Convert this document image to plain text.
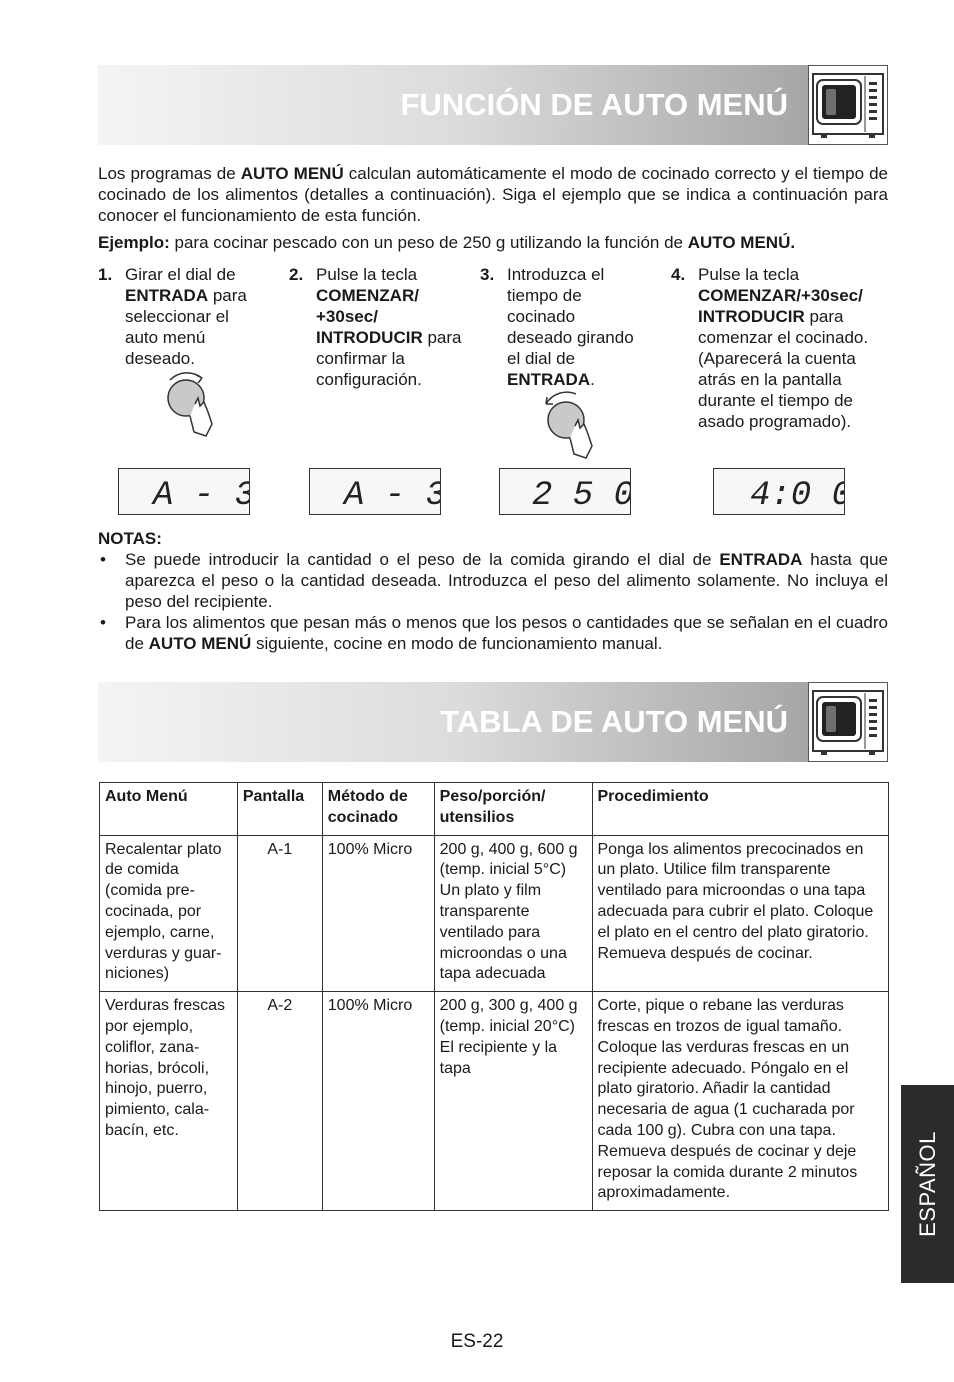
FUNCIÓN DE AUTO MENÚ

Los programas de AUTO MENÚ calculan automáticamente el modo de cocinado correcto y el tiempo de cocinado de los alimentos (detalles a continuación). Siga el ejemplo que se indica a continuación para conocer el funcionamiento de esta función.

Ejemplo: para cocinar pescado con un peso de 250 g utilizando la función de AUTO MENÚ.

1. Girar el dial de ENTRADA para seleccionar el auto menú deseado.
2. Pulse la tecla COMENZAR/ +30sec/ INTRODUCIR para confirmar la configuración.
3. Introduzca el tiempo de cocinado deseado girando el dial de ENTRADA.
4. Pulse la tecla COMENZAR/+30sec/ INTRODUCIR para comenzar el cocinado. (Aparecerá la cuenta atrás en la pantalla durante el tiempo de asado programado).
A - 3	A - 3	2 5 0	4:0 0
NOTAS:
• Se puede introducir la cantidad o el peso de la comida girando el dial de ENTRADA hasta que aparezca el peso o la cantidad deseada. Introduzca el peso del alimento solamente. No incluya el peso del recipiente.
• Para los alimentos que pesan más o menos que los pesos o cantidades que se señalan en el cuadro de AUTO MENÚ siguiente, cocine en modo de funcionamiento manual.
TABLA DE AUTO MENÚ
Auto Menú	Pantalla	Método de cocinado	Peso/porción/ utensilios	Procedimiento
Recalentar plato de comida (comida pre-cocinada, por ejemplo, carne, verduras y guar-niciones)	A-1	100% Micro	200 g, 400 g, 600 g (temp. inicial 5°C) Un plato y film transparente ventilado para microondas o una tapa adecuada	Ponga los alimentos precocinados en un plato. Utilice film transparente ventilado para microondas o una tapa adecuada para cubrir el plato. Coloque el plato en el centro del plato giratorio. Remueva después de cocinar.
Verduras frescas por ejemplo, coliflor, zana-horias, brócoli, hinojo, puerro, pimiento, cala-bacín, etc.	A-2	100% Micro	200 g, 300 g, 400 g (temp. inicial 20°C) El recipiente y la tapa	Corte, pique o rebane las verduras frescas en trozos de igual tamaño. Coloque las verduras frescas en un recipiente adecuado. Póngalo en el plato giratorio. Añadir la cantidad necesaria de agua (1 cucharada por cada 100 g). Cubra con una tapa. Remueva después de cocinar y deje reposar la comida durante 2 minutos aproximadamente.	ESPAÑOL
ES-22
